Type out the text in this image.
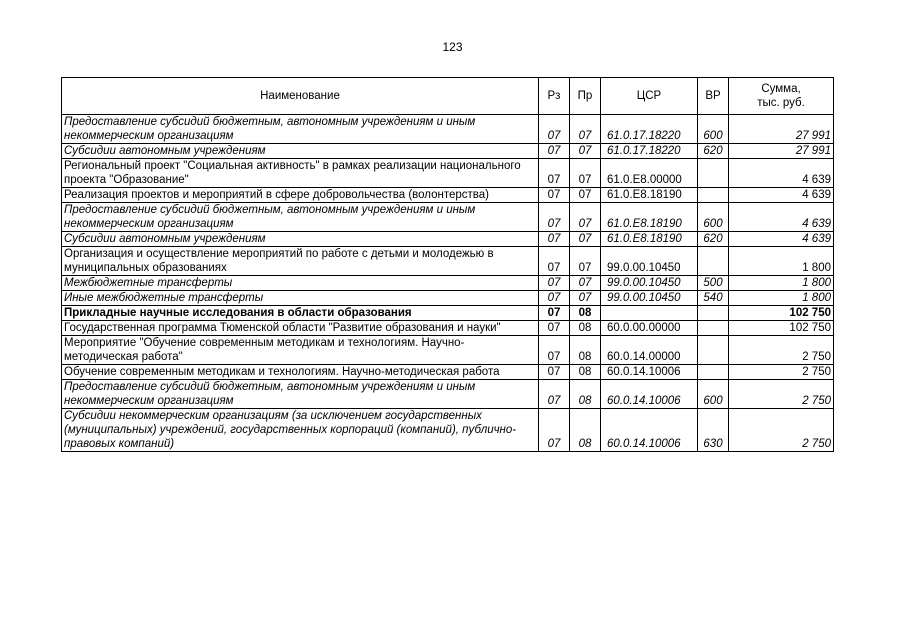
123
Наименование	Рз	Пр	ЦСР	ВР	Сумма,
тыс. руб.
Предоставление субсидий бюджетным, автономным учреждениям и иным некоммерческим организациям	07	07	61.0.17.18220	600	27 991
Субсидии автономным учреждениям	07	07	61.0.17.18220	620	27 991
Региональный проект "Социальная активность" в рамках реализации национального проекта "Образование"	07	07	61.0.E8.00000		4 639
Реализация проектов и мероприятий в сфере добровольчества (волонтерства)	07	07	61.0.E8.18190		4 639
Предоставление субсидий бюджетным, автономным учреждениям и иным некоммерческим организациям	07	07	61.0.E8.18190	600	4 639
Субсидии автономным учреждениям	07	07	61.0.E8.18190	620	4 639
Организация и осуществление мероприятий по работе с детьми и молодежью в муниципальных образованиях	07	07	99.0.00.10450		1 800
Межбюджетные трансферты	07	07	99.0.00.10450	500	1 800
Иные межбюджетные трансферты	07	07	99.0.00.10450	540	1 800
Прикладные научные исследования в области образования	07	08			102 750
Государственная программа Тюменской области "Развитие образования и науки"	07	08	60.0.00.00000		102 750
Мероприятие "Обучение современным методикам и технологиям. Научно-методическая работа"	07	08	60.0.14.00000		2 750
Обучение современным методикам и технологиям. Научно-методическая работа	07	08	60.0.14.10006		2 750
Предоставление субсидий бюджетным, автономным учреждениям и иным некоммерческим организациям	07	08	60.0.14.10006	600	2 750
Субсидии некоммерческим организациям (за исключением государственных (муниципальных) учреждений, государственных корпораций (компаний), публично-правовых компаний)	07	08	60.0.14.10006	630	2 750
